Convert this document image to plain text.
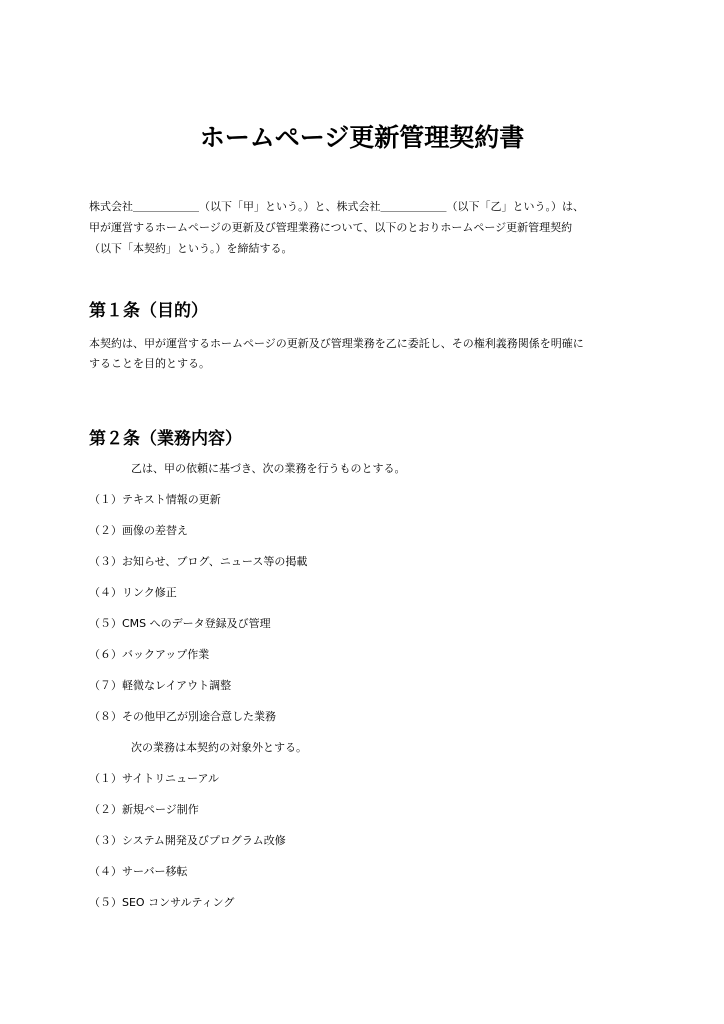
ホームページ更新管理契約書

株式会社＿＿＿＿＿＿（以下「甲」という。）と、株式会社＿＿＿＿＿＿（以下「乙」という。）は、

甲が運営するホームページの更新及び管理業務について、以下のとおりホームページ更新管理契約

（以下「本契約」という。）を締結する。

第１条（目的）

本契約は、甲が運営するホームページの更新及び管理業務を乙に委託し、その権利義務関係を明確に

することを目的とする。

第２条（業務内容）

乙は、甲の依頼に基づき、次の業務を行うものとする。

（１）テキスト情報の更新

（２）画像の差替え

（３）お知らせ、ブログ、ニュース等の掲載

（４）リンク修正

（５）CMS へのデータ登録及び管理

（６）バックアップ作業

（７）軽微なレイアウト調整

（８）その他甲乙が別途合意した業務

次の業務は本契約の対象外とする。

（１）サイトリニューアル

（２）新規ページ制作

（３）システム開発及びプログラム改修

（４）サーバー移転

（５）SEO コンサルティング
